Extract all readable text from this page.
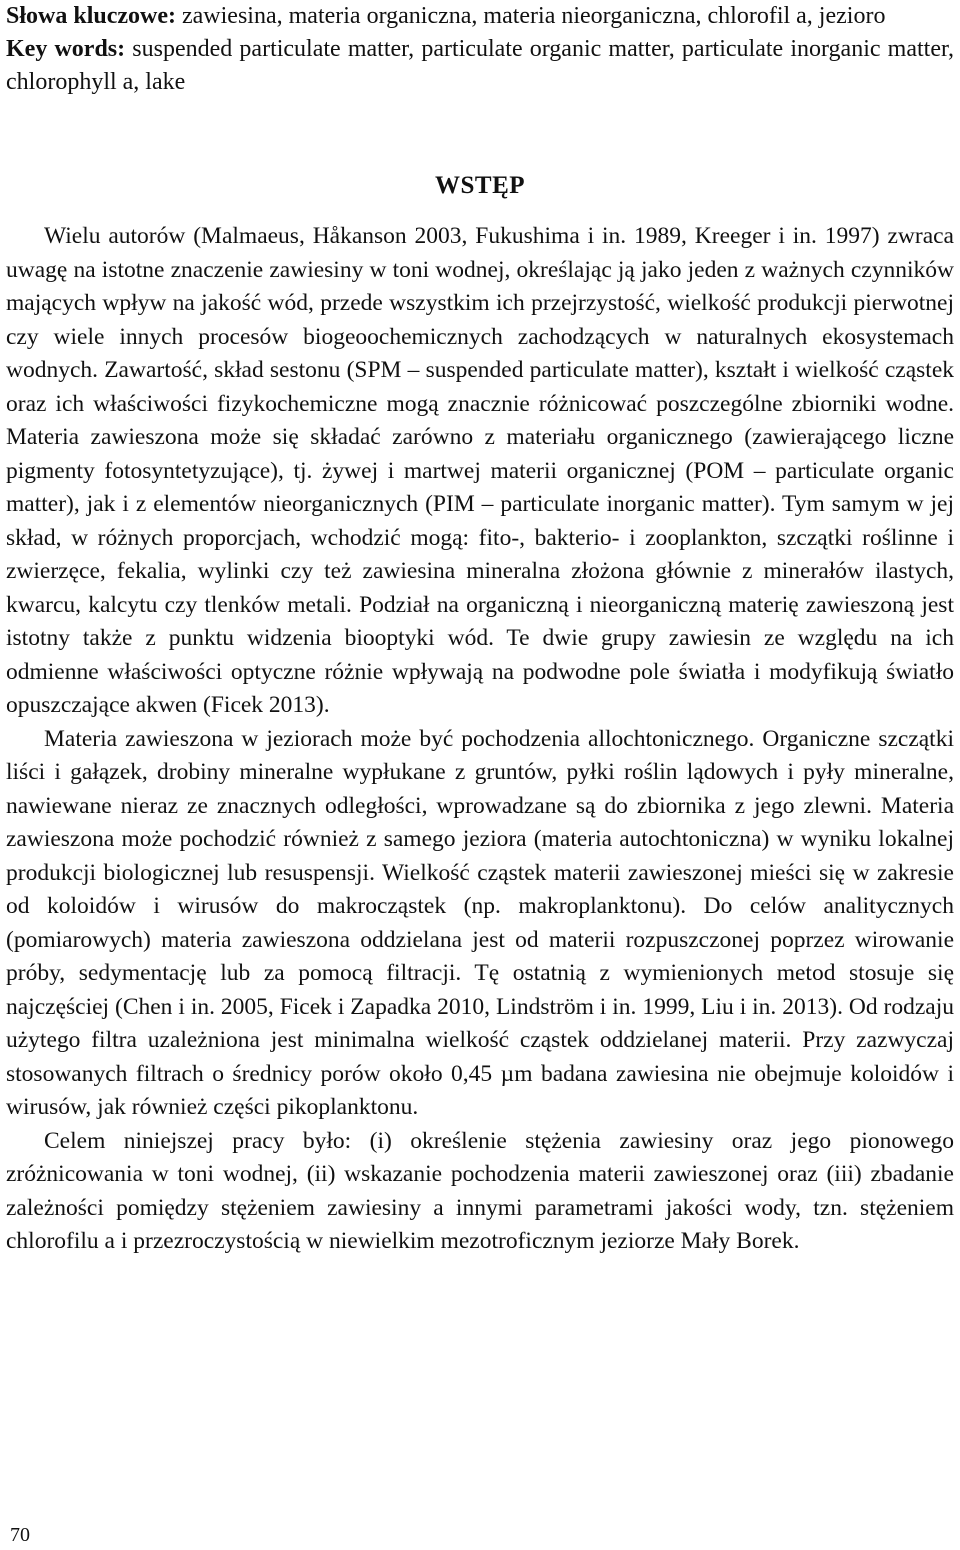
Słowa kluczowe: zawiesina, materia organiczna, materia nieorganiczna, chlorofil a, jezioro

Key words: suspended particulate matter, particulate organic matter, particulate inorganic matter, chlorophyll a, lake

WSTĘP

Wielu autorów (Malmaeus, Håkanson 2003, Fukushima i in. 1989, Kreeger i in. 1997) zwraca uwagę na istotne znaczenie zawiesiny w toni wodnej, określając ją jako jeden z ważnych czynników mających wpływ na jakość wód, przede wszystkim ich przejrzystość, wielkość produkcji pierwotnej czy wiele innych procesów biogeoochemicznych zachodzących w naturalnych ekosystemach wodnych. Zawartość, skład sestonu (SPM – suspended particulate matter), kształt i wielkość cząstek oraz ich właściwości fizykochemiczne mogą znacznie różnicować poszczególne zbiorniki wodne. Materia zawieszona może się składać zarówno z materiału organicznego (zawierającego liczne pigmenty fotosyntetyzujące), tj. żywej i martwej materii organicznej (POM – particulate organic matter), jak i z elementów nieorganicznych (PIM – particulate inorganic matter). Tym samym w jej skład, w różnych proporcjach, wchodzić mogą: fito-, bakterio- i zooplankton, szczątki roślinne i zwierzęce, fekalia, wylinki czy też zawiesina mineralna złożona głównie z minerałów ilastych, kwarcu, kalcytu czy tlenków metali. Podział na organiczną i nieorganiczną materię zawieszoną jest istotny także z punktu widzenia biooptyki wód. Te dwie grupy zawiesin ze względu na ich odmienne właściwości optyczne różnie wpływają na podwodne pole światła i modyfikują światło opuszczające akwen (Ficek 2013).

Materia zawieszona w jeziorach może być pochodzenia allochtonicznego. Organiczne szczątki liści i gałązek, drobiny mineralne wypłukane z gruntów, pyłki roślin lądowych i pyły mineralne, nawiewane nieraz ze znacznych odległości, wprowadzane są do zbiornika z jego zlewni. Materia zawieszona może pochodzić również z samego jeziora (materia autochtoniczna) w wyniku lokalnej produkcji biologicznej lub resuspensji. Wielkość cząstek materii zawieszonej mieści się w zakresie od koloidów i wirusów do makrocząstek (np. makroplanktonu). Do celów analitycznych (pomiarowych) materia zawieszona oddzielana jest od materii rozpuszczonej poprzez wirowanie próby, sedymentację lub za pomocą filtracji. Tę ostatnią z wymienionych metod stosuje się najczęściej (Chen i in. 2005, Ficek i Zapadka 2010, Lindström i in. 1999, Liu i in. 2013). Od rodzaju użytego filtra uzależniona jest minimalna wielkość cząstek oddzielanej materii. Przy zazwyczaj stosowanych filtrach o średnicy porów około 0,45 µm badana zawiesina nie obejmuje koloidów i wirusów, jak również części pikoplanktonu.

Celem niniejszej pracy było: (i) określenie stężenia zawiesiny oraz jego pionowego zróżnicowania w toni wodnej, (ii) wskazanie pochodzenia materii zawieszonej oraz (iii) zbadanie zależności pomiędzy stężeniem zawiesiny a innymi parametrami jakości wody, tzn. stężeniem chlorofilu a i przezroczystością w niewielkim mezotroficznym jeziorze Mały Borek.

70
